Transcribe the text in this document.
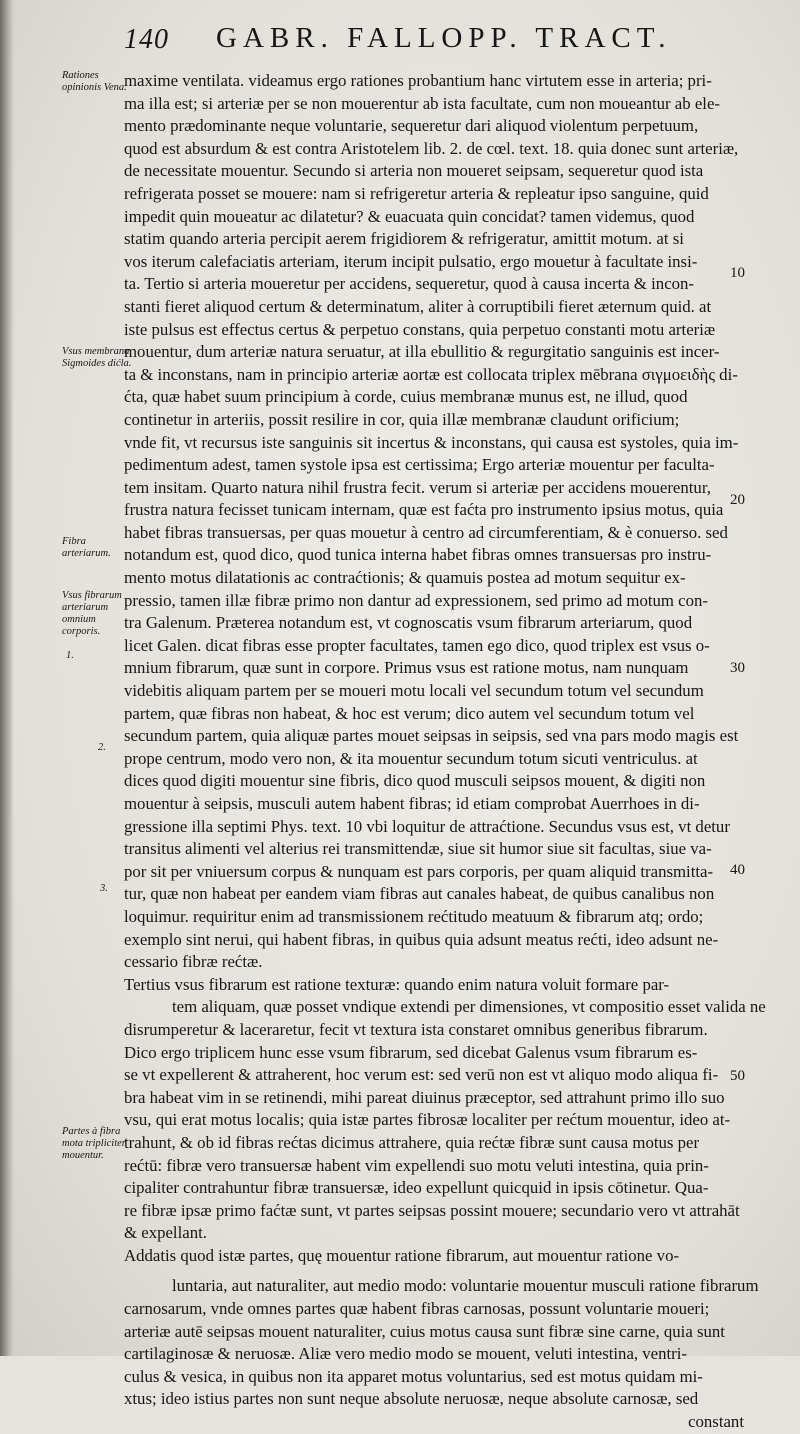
140 GABR. FALLOPP. TRACT.
Rationes opinionis Vena.
Vsus membrana Sigmoides dićla.
Fibra arteriarum.
Vsus fibrarum arteriarum omnium corporis.
1.
2.
3.
Partes à fibra mota tripliciter mouentur.
10
20
30
40
50
maxime ventilata. videamus ergo rationes probantium hanc virtutem esse in arteria; pri-
ma illa est; si arteriæ per se non mouerentur ab ista facultate, cum non moueantur ab ele-
mento prædominante neque voluntarie, sequeretur dari aliquod violentum perpetuum,
quod est absurdum & est contra Aristotelem lib. 2. de cœl. text. 18. quia donec sunt arteriæ,
de necessitate mouentur. Secundo si arteria non moueret seipsam, sequeretur quod ista
refrigerata posset se mouere: nam si refrigeretur arteria & repleatur ipso sanguine, quid
impedit quin moueatur ac dilatetur? & euacuata quin concidat? tamen videmus, quod
statim quando arteria percipit aerem frigidiorem & refrigeratur, amittit motum. at si
vos iterum calefaciatis arteriam, iterum incipit pulsatio, ergo mouetur à facultate insi-
ta. Tertio si arteria moueretur per accidens, sequeretur, quod à causa incerta & incon-
stanti fieret aliquod certum & determinatum, aliter à corruptibili fieret æternum quid. at
iste pulsus est effectus certus & perpetuo constans, quia perpetuo constanti motu arteriæ
mouentur, dum arteriæ natura seruatur, at illa ebullitio & regurgitatio sanguinis est incer-
ta & inconstans, nam in principio arteriæ aortæ est collocata triplex mēbrana σιγμοειδὴς di-
ćta, quæ habet suum principium à corde, cuius membranæ munus est, ne illud, quod
continetur in arteriis, possit resilire in cor, quia illæ membranæ claudunt orificium;
vnde fit, vt recursus iste sanguinis sit incertus & inconstans, qui causa est systoles, quia im-
pedimentum adest, tamen systole ipsa est certissima; Ergo arteriæ mouentur per faculta-
tem insitam. Quarto natura nihil frustra fecit. verum si arteriæ per accidens mouerentur,
frustra natura fecisset tunicam internam, quæ est faćta pro instrumento ipsius motus, quia
habet fibras transuersas, per quas mouetur à centro ad circumferentiam, & è conuerso. sed
notandum est, quod dico, quod tunica interna habet fibras omnes transuersas pro instru-
mento motus dilatationis ac contraćtionis; & quamuis postea ad motum sequitur ex-
pressio, tamen illæ fibræ primo non dantur ad expressionem, sed primo ad motum con-
tra Galenum. Præterea notandum est, vt cognoscatis vsum fibrarum arteriarum, quod
licet Galen. dicat fibras esse propter facultates, tamen ego dico, quod triplex est vsus o-
mnium fibrarum, quæ sunt in corpore. Primus vsus est ratione motus, nam nunquam
videbitis aliquam partem per se moueri motu locali vel secundum totum vel secundum
partem, quæ fibras non habeat, & hoc est verum; dico autem vel secundum totum vel
secundum partem, quia aliquæ partes mouet seipsas in seipsis, sed vna pars modo magis est
prope centrum, modo vero non, & ita mouentur secundum totum sicuti ventriculus. at
dices quod digiti mouentur sine fibris, dico quod musculi seipsos mouent, & digiti non
mouentur à seipsis, musculi autem habent fibras; id etiam comprobat Auerrhoes in di-
gressione illa septimi Phys. text. 10 vbi loquitur de attraćtione. Secundus vsus est, vt detur
transitus alimenti vel alterius rei transmittendæ, siue sit humor siue sit facultas, siue va-
por sit per vniuersum corpus & nunquam est pars corporis, per quam aliquid transmitta-
tur, quæ non habeat per eandem viam fibras aut canales habeat, de quibus canalibus non
loquimur. requiritur enim ad transmissionem rećtitudo meatuum & fibrarum atq; ordo;
exemplo sint nerui, qui habent fibras, in quibus quia adsunt meatus rećti, ideo adsunt ne-
cessario fibræ rećtæ.
Tertius vsus fibrarum est ratione texturæ: quando enim natura voluit formare par-
tem aliquam, quæ posset vndique extendi per dimensiones, vt compositio esset valida ne
disrumperetur & laceraretur, fecit vt textura ista constaret omnibus generibus fibrarum.
Dico ergo triplicem hunc esse vsum fibrarum, sed dicebat Galenus vsum fibrarum es-
se vt expellerent & attraherent, hoc verum est: sed verū non est vt aliquo modo aliqua fi-
bra habeat vim in se retinendi, mihi pareat diuinus præceptor, sed attrahunt primo illo suo
vsu, qui erat motus localis; quia istæ partes fibrosæ localiter per rećtum mouentur, ideo at-
trahunt, & ob id fibras rećtas dicimus attrahere, quia rećtæ fibræ sunt causa motus per
rećtū: fibræ vero transuersæ habent vim expellendi suo motu veluti intestina, quia prin-
cipaliter contrahuntur fibræ transuersæ, ideo expellunt quicquid in ipsis cōtinetur. Qua-
re fibræ ipsæ primo faćtæ sunt, vt partes seipsas possint mouere; secundario vero vt attrahāt
& expellant.
Addatis quod istæ partes, quę mouentur ratione fibrarum, aut mouentur ratione vo-
luntaria, aut naturaliter, aut medio modo: voluntarie mouentur musculi ratione fibrarum
carnosarum, vnde omnes partes quæ habent fibras carnosas, possunt voluntarie moueri;
arteriæ autē seipsas mouent naturaliter, cuius motus causa sunt fibræ sine carne, quia sunt
cartilaginosæ & neruosæ. Aliæ vero medio modo se mouent, veluti intestina, ventri-
culus & vesica, in quibus non ita apparet motus voluntarius, sed est motus quidam mi-
xtus; ideo istius partes non sunt neque absolute neruosæ, neque absolute carnosæ, sed
constant
